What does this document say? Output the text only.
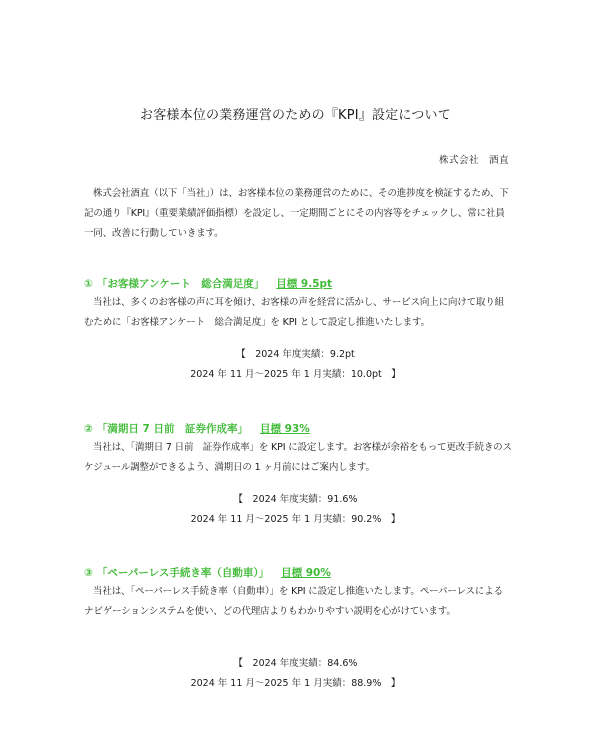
お客様本位の業務運営のための『KPI』設定について
株式会社　酒直

株式会社酒直（以下「当社」）は、お客様本位の業務運営のために、その進捗度を検証するため、下記の通り『KPI』（重要業績評価指標）を設定し、一定期間ごとにその内容等をチェックし、常に社員一同、改善に行動していきます。

① 「お客様アンケート　総合満足度」 目標 9.5pt

当社は、多くのお客様の声に耳を傾け、お客様の声を経営に活かし、サービス向上に向けて取り組むために「お客様アンケート　総合満足度」を KPI として設定し推進いたします。

【　2024 年度実績：9.2pt
2024 年 11 月～2025 年 1 月実績：10.0pt　】

② 「満期日 7 日前　証券作成率」 目標 93%

当社は、「満期日 7 日前　証券作成率」を KPI に設定します。お客様が余裕をもって更改手続きのスケジュール調整ができるよう、満期日の 1 ヶ月前にはご案内します。

【　2024 年度実績：91.6%
2024 年 11 月～2025 年 1 月実績：90.2%　】

③ 「ペーパーレス手続き率（自動車）」 目標 90%

当社は、「ペーパーレス手続き率（自動車）」を KPI に設定し推進いたします。ペーパーレスによるナビゲーションシステムを使い、どの代理店よりもわかりやすい説明を心がけています。

【　2024 年度実績：84.6%
2024 年 11 月～2025 年 1 月実績：88.9%　】
